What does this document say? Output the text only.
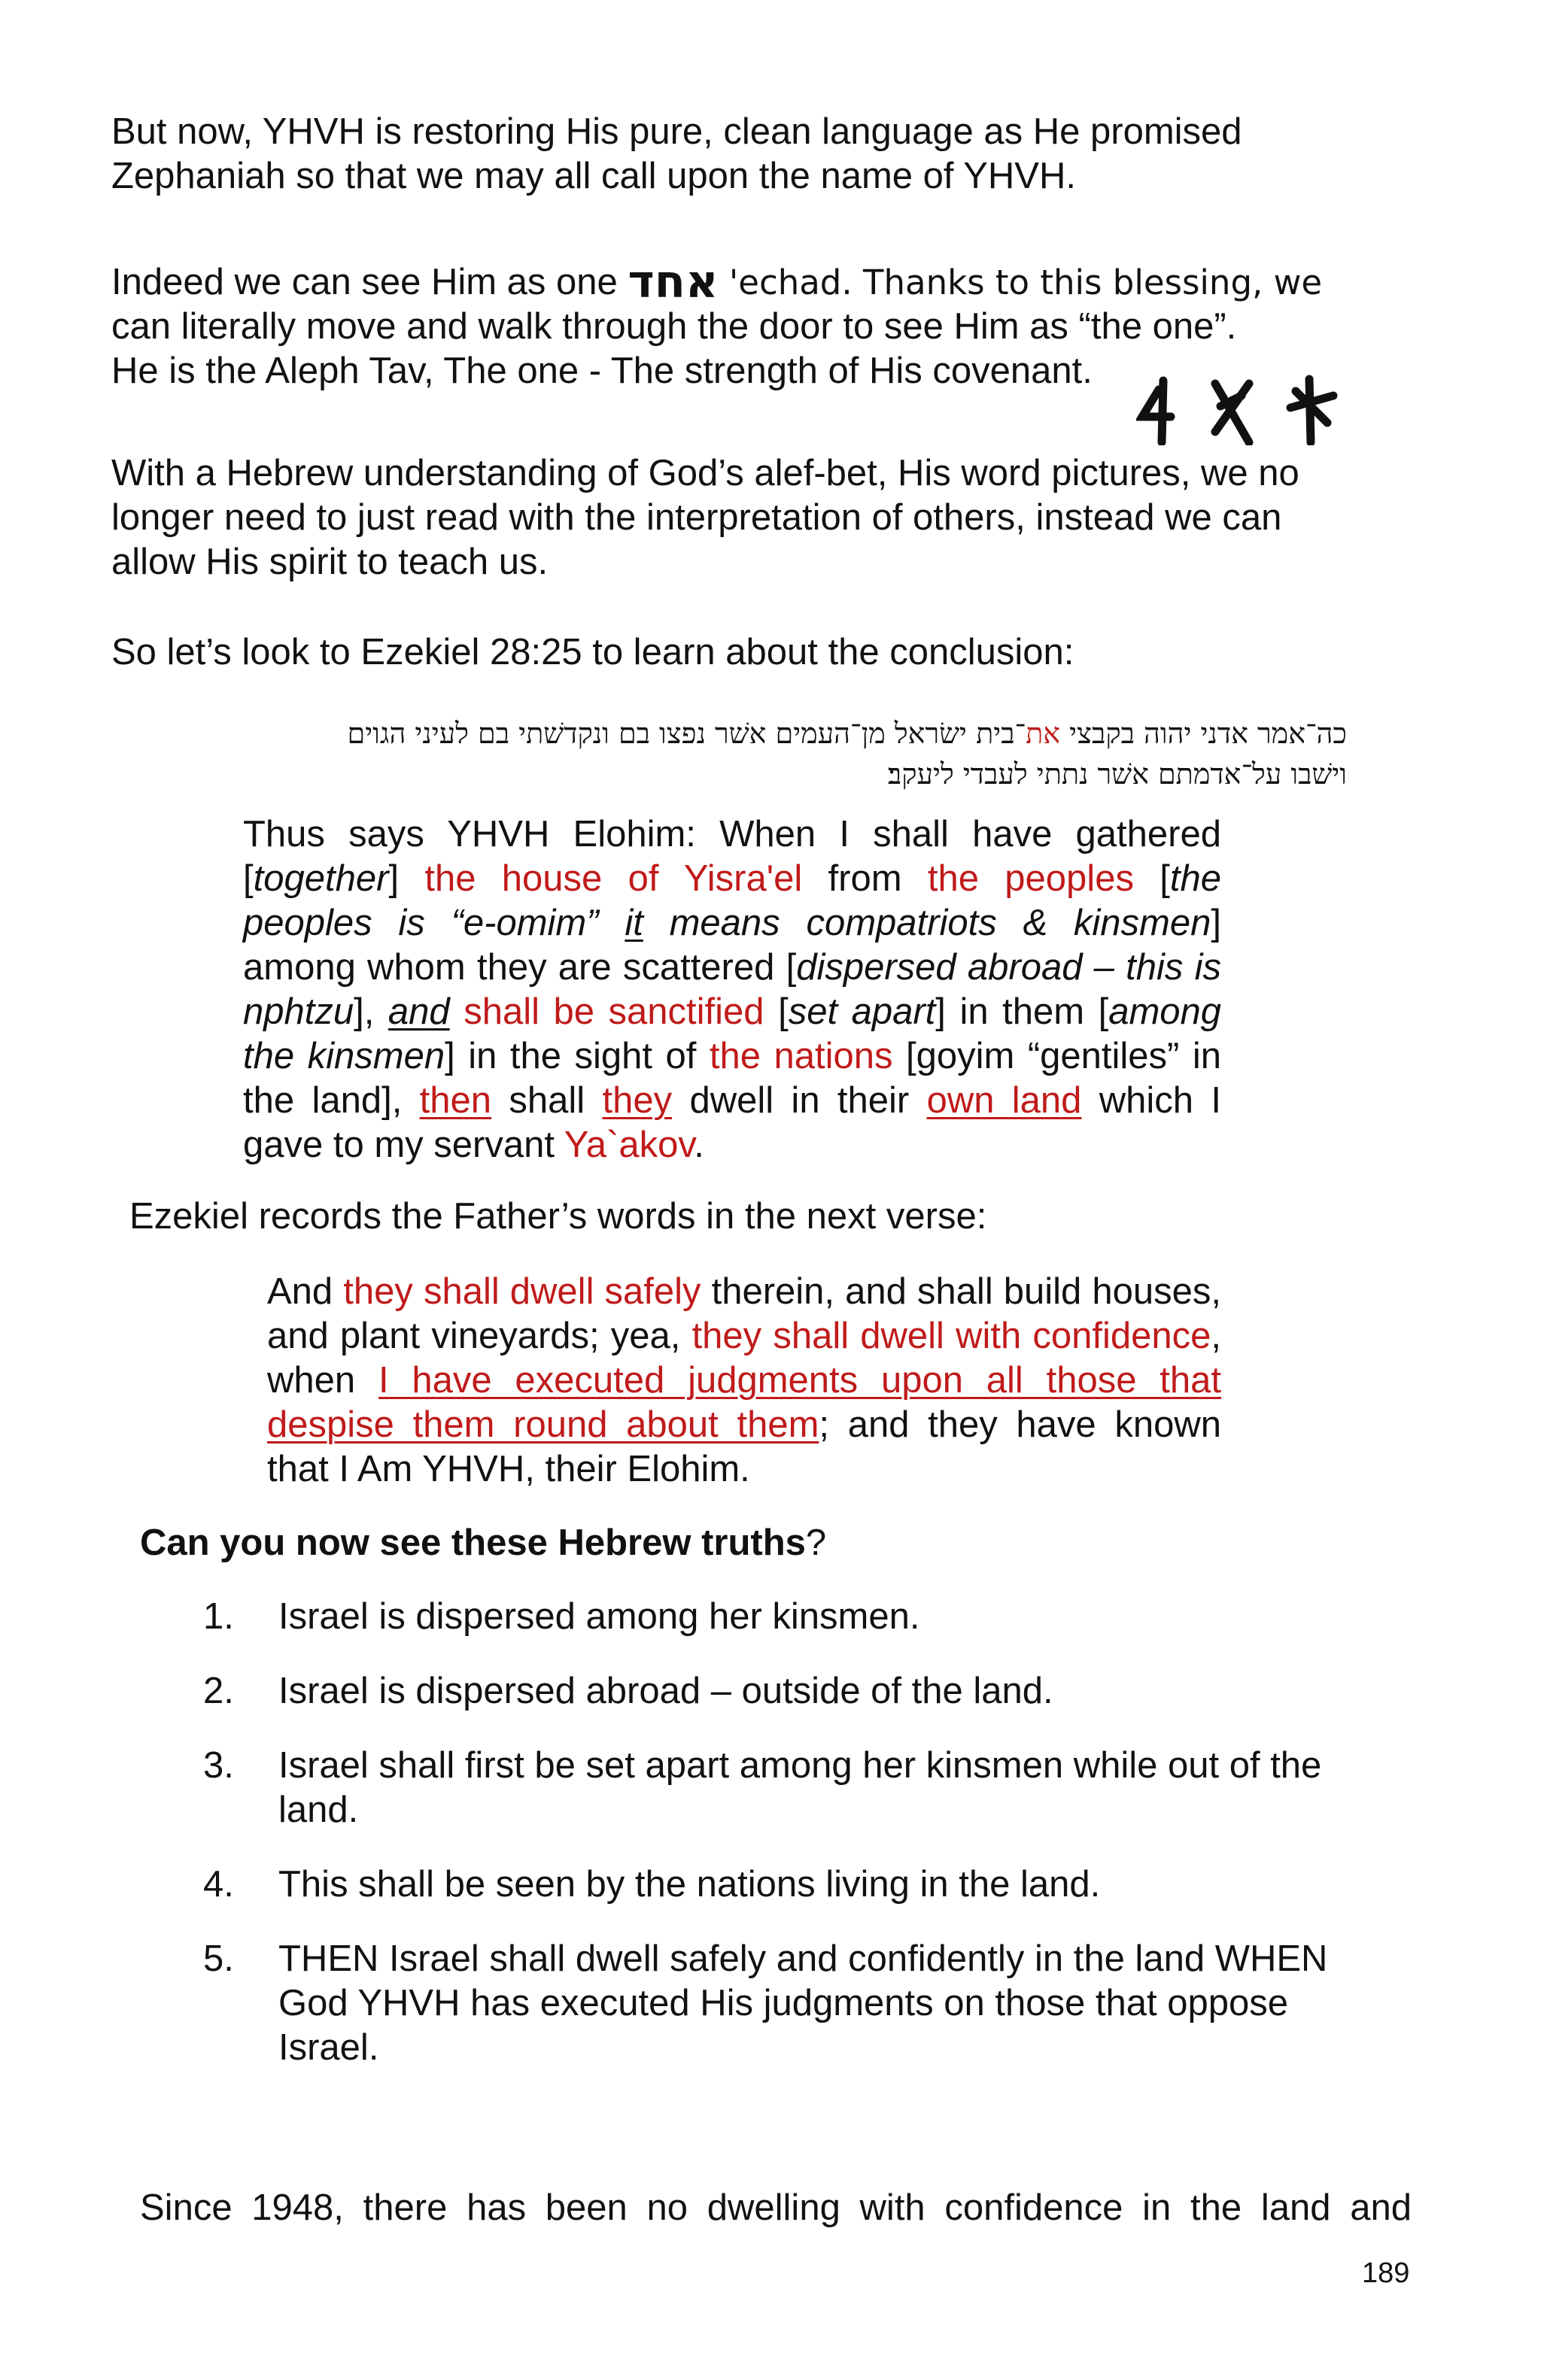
But now, YHVH is restoring His pure, clean language as He promised
Zephaniah so that we may all call upon the name of YHVH.
Indeed we can see Him as one אחד 'echad. Thanks to this blessing, we
can literally move and walk through the door to see Him as “the one”.
He is the Aleph Tav, The one - The strength of His covenant.
With a Hebrew understanding of God’s alef-bet, His word pictures, we no
longer need to just read with the interpretation of others, instead we can
allow His spirit to teach us.
So let’s look to Ezekiel 28:25 to learn about the conclusion:
כה־אמר אדני יהוה בקבצי את־בית ישׂראל מן־העמים אשׁר נפצו בם ונקדשׁתי בם לעיני הגוים
וישׁבו על־אדמתם אשׁר נתתי לעבדי ליעקב׃
Thus says YHVH Elohim: When I shall have gathered [together] the house of Yisra'el from the peoples [the peoples is “e-omim” it means compatriots & kinsmen] among whom they are scattered [dispersed abroad – this is nphtzu], and shall be sanctified [set apart] in them [among the kinsmen] in the sight of the nations [goyim “gentiles” in the land], then shall they dwell in their own land which I gave to my servant Ya`akov.
Ezekiel records the Father’s words in the next verse:
And they shall dwell safely therein, and shall build houses, and plant vineyards; yea, they shall dwell with confidence, when I have executed judgments upon all those that despise them round about them; and they have known that I Am YHVH, their Elohim.
Can you now see these Hebrew truths?
1. Israel is dispersed among her kinsmen.
2. Israel is dispersed abroad – outside of the land.
3. Israel shall first be set apart among her kinsmen while out of the land.
4. This shall be seen by the nations living in the land.
5. THEN Israel shall dwell safely and confidently in the land WHEN God YHVH has executed His judgments on those that oppose Israel.
Since 1948, there has been no dwelling with confidence in the land and
189
